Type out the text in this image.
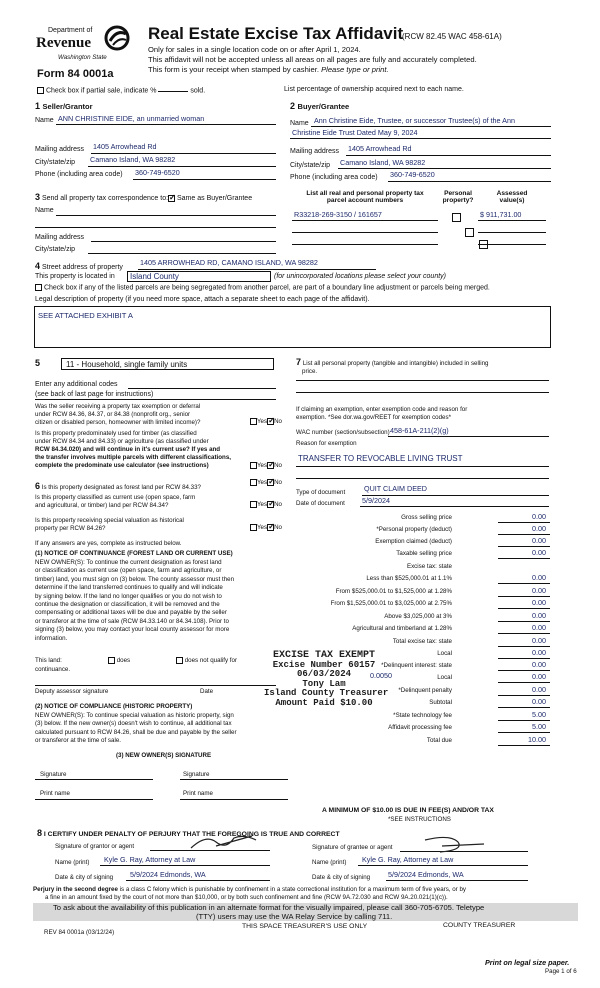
Department of
Revenue
Washington State
Form 84 0001a
Real Estate Excise Tax Affidavit
(RCW 82.45 WAC 458-61A)
Only for sales in a single location code on or after April 1, 2024.
This affidavit will not be accepted unless all areas on all pages are fully and accurately completed.
This form is your receipt when stamped by cashier. Please type or print.
Check box if partial sale, indicate %	sold.	List percentage of ownership acquired next to each name.
1 Seller/Grantor
Name ANN CHRISTINE EIDE, an unmarried woman
Mailing address 1405 Arrowhead Rd
City/state/zip Camano Island, WA 98282
Phone (including area code) 360-749-6520
2 Buyer/Grantee
Name Ann Christine Eide, Trustee, or successor Trustee(s) of the Ann
Christine Eide Trust Dated May 9, 2024
Mailing address 1405 Arrowhead Rd
City/state/zip Camano Island, WA 98282
Phone (including area code) 360-749-6520
3 Send all property tax correspondence to: ✓ Same as Buyer/Grantee
Name
Mailing address
City/state/zip
List all real and personal property tax
parcel account numbers
Personal
property?
Assessed
value(s)
R33218-269-3150 / 161657
	$ 911,731.00

4 Street address of property
1405 ARROWHEAD RD, CAMANO ISLAND, WA 98282
This property is located in Island County	(for unincorporated locations please select your county)
Check box if any of the listed parcels are being segregated from another parcel, are part of a boundary line adjustment or parcels being merged.
Legal description of property (if you need more space, attach a separate sheet to each page of the affidavit).
SEE ATTACHED EXHIBIT A
5	11 - Household, single family units
Enter any additional codes
(see back of last page for instructions)
Was the seller receiving a property tax exemption or deferral
under RCW 84.36, 84.37, or 84.38 (nonprofit org., senior
citizen or disabled person, homeowner with limited income)?	Yes ✓ No
Is this property predominately used for timber (as classified
under RCW 84.34 and 84.33) or agriculture (as classified under
RCW 84.34.020) and will continue in it's current use? If yes and
the transfer involves multiple parcels with different classifications,
complete the predominate use calculator (see instructions)	Yes ✓ No
6 Is this property designated as forest land per RCW 84.33?
Yes ✓ No
Is this property classified as current use (open space, farm
and agricultural, or timber) land per RCW 84.34?	Yes ✓ No
Is this property receiving special valuation as historical
property per RCW 84.26?	Yes ✓ No
If any answers are yes, complete as instructed below.
(1) NOTICE OF CONTINUANCE (FOREST LAND OR CURRENT USE)
NEW OWNER(S): To continue the current designation as forest land
or classification as current use (open space, farm and agriculture, or
timber) land, you must sign on (3) below. The county assessor must then
determine if the land transferred continues to qualify and will indicate
by signing below. If the land no longer qualifies or you do not wish to
continue the designation or classification, it will be removed and the
compensating or additional taxes will be due and payable by the seller
or transferor at the time of sale (RCW 84.33.140 or 84.34.108). Prior to
signing (3) below, you may contact your local county assessor for more
information.
This land:	does	does not qualify for
continuance.
Deputy assessor signature	Date
(2) NOTICE OF COMPLIANCE (HISTORIC PROPERTY)
NEW OWNER(S): To continue special valuation as historic property, sign
(3) below. If the new owner(s) doesn't wish to continue, all additional tax
calculated pursuant to RCW 84.26, shall be due and payable by the seller
or transferor at the time of sale.
(3) NEW OWNER(S) SIGNATURE
Signature	Signature
Print name	Print name
7 List all personal property (tangible and intangible) included in selling
price.
If claiming an exemption, enter exemption code and reason for
exemption. *See dor.wa.gov/REET for exemption codes*
WAC number (section/subsection) 458-61A-211(2)(g)
Reason for exemption
TRANSFER TO REVOCABLE LIVING TRUST
Type of document	QUIT CLAIM DEED
Date of document 5/9/2024
Gross selling price	0.00
*Personal property (deduct)	0.00
Exemption claimed (deduct)	0.00
Taxable selling price	0.00
Excise tax: state
Less than $525,000.01 at 1.1%	0.00
From $525,000.01 to $1,525,000 at 1.28%	0.00
From $1,525,000.01 to $3,025,000 at 2.75%	0.00
Above $3,025,000 at 3%	0.00
Agricultural and timberland at 1.28%	0.00
Total excise tax: state	0.00
Local	0.00
*Delinquent interest: state	0.00
Local	0.00
*Delinquent penalty	0.00
Subtotal	0.00
*State technology fee	5.00
Affidavit processing fee	5.00
Total due	10.00
0.0050
A MINIMUM OF $10.00 IS DUE IN FEE(S) AND/OR TAX
*SEE INSTRUCTIONS
EXCISE TAX EXEMPT
Excise Number 60157
06/03/2024
Tony Lam
Island County Treasurer
Amount Paid $10.00
8 I CERTIFY UNDER PENALTY OF PERJURY THAT THE FOREGOING IS TRUE AND CORRECT
Signature of grantor or agent	Signature of grantee or agent
Name (print) Kyle G. Ray, Attorney at Law	Name (print) Kyle G. Ray, Attorney at Law
Date & city of signing 5/9/2024 Edmonds, WA	Date & city of signing 5/9/2024 Edmonds, WA
Perjury in the second degree is a class C felony which is punishable by confinement in a state correctional institution for a maximum term of five years, or by
a fine in an amount fixed by the court of not more than $10,000, or by both such confinement and fine (RCW 9A.72.030 and RCW 9A.20.021(1)(c)).
To ask about the availability of this publication in an alternate format for the visually impaired, please call 360-705-6705. Teletype
(TTY) users may use the WA Relay Service by calling 711.
REV 84 0001a (03/12/24)
THIS SPACE TREASURER'S USE ONLY	COUNTY TREASURER
Print on legal size paper.
Page 1 of 6
